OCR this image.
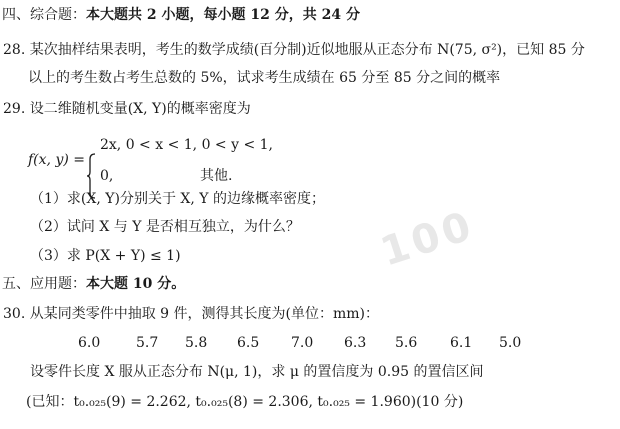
100
四、综合题：本大题共 2 小题，每小题 12 分，共 24 分
28. 某次抽样结果表明，考生的数学成绩(百分制)近似地服从正态分布 N(75, σ²)，已知 85 分
以上的考生数占考生总数的 5%，试求考生成绩在 65 分至 85 分之间的概率
29. 设二维随机变量(X, Y)的概率密度为
f(x, y) =
2x, 0 < x < 1, 0 < y < 1,
0,	其他.
（1）求(X, Y)分别关于 X, Y 的边缘概率密度；
（2）试问 X 与 Y 是否相互独立，为什么？
（3）求 P(X + Y) ≤ 1)
五、应用题：本大题 10 分。
30. 从某同类零件中抽取 9 件，测得其长度为(单位：mm)：
6.0	5.7 5.8 6.5 7.0 6.3 5.6 6.1 5.0
设零件长度 X 服从正态分布 N(μ, 1)，求 μ 的置信度为 0.95 的置信区间
(已知：t₀.₀₂₅(9) = 2.262, t₀.₀₂₅(8) = 2.306, t₀.₀₂₅ = 1.960)(10 分)
